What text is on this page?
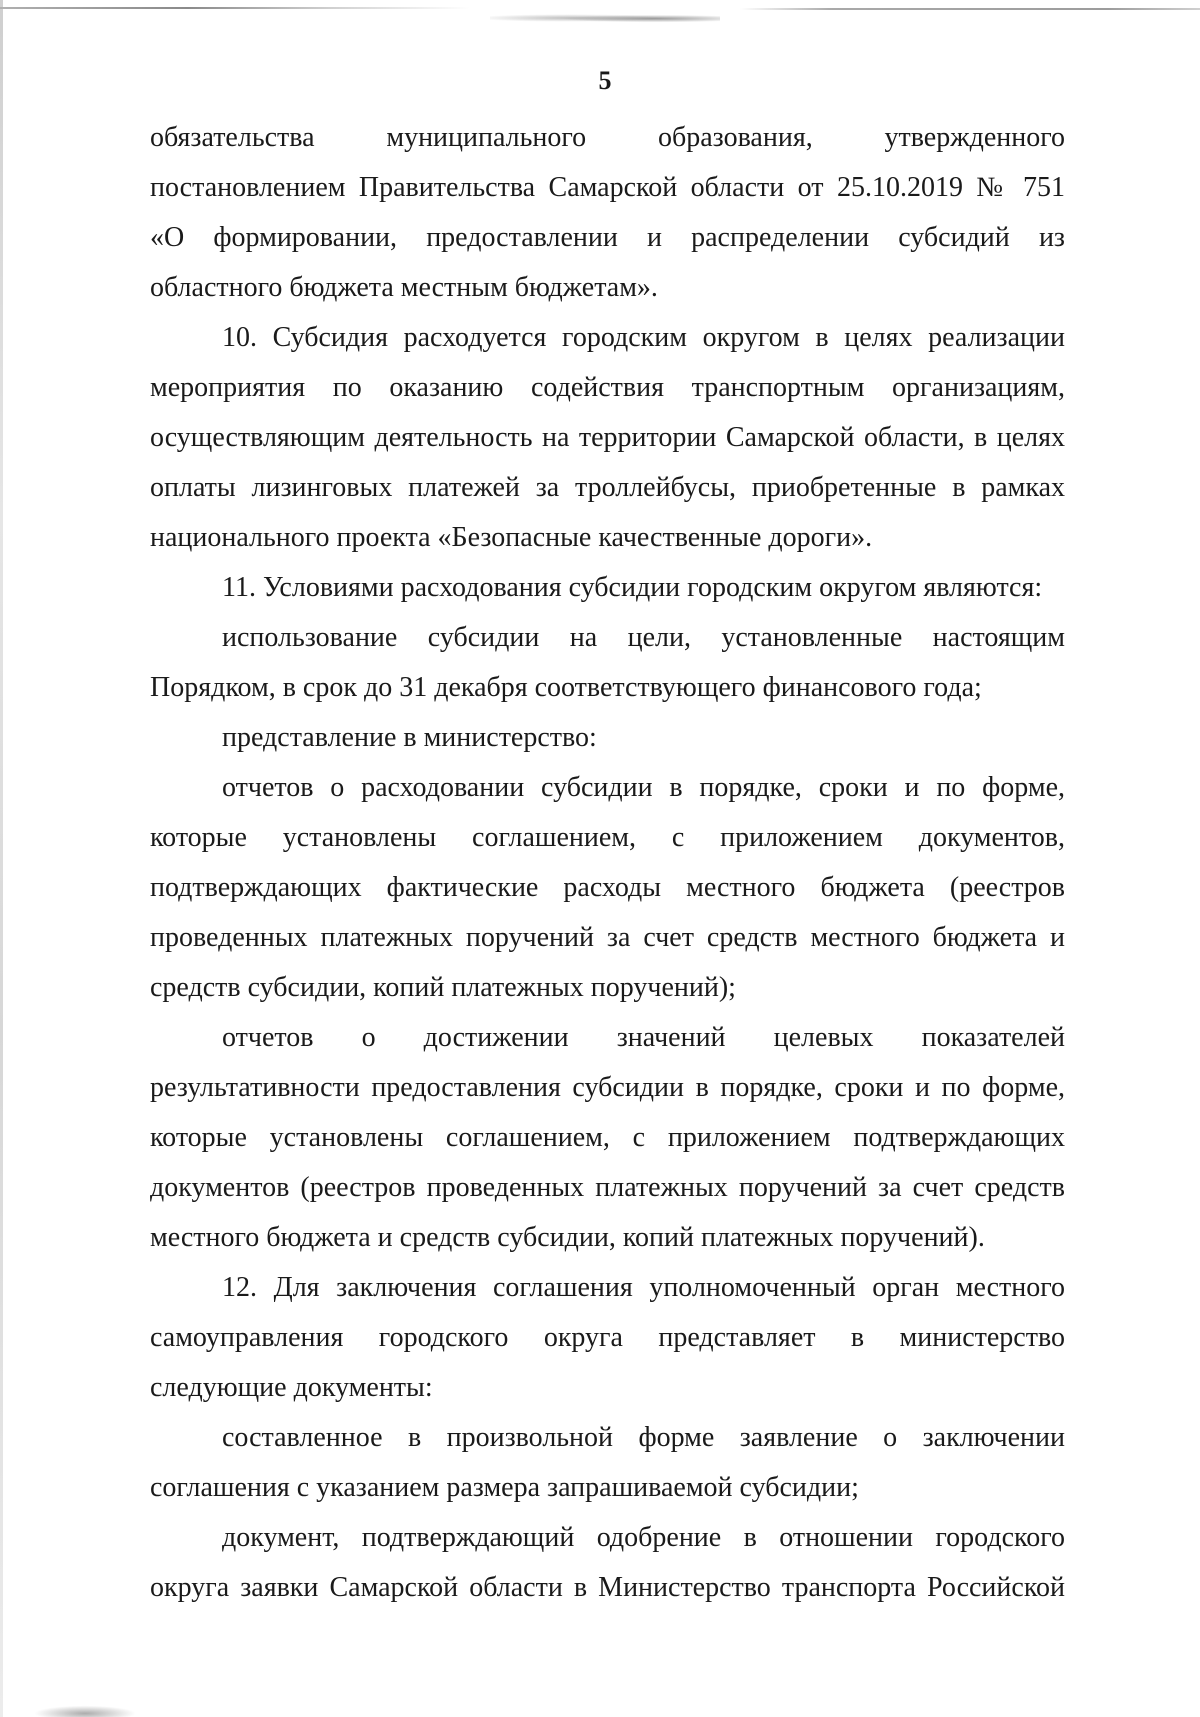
5

обязательства муниципального образования, утвержденного

постановлением Правительства Самарской области от 25.10.2019 № 751

«О формировании, предоставлении и распределении субсидий из

областного бюджета местным бюджетам».

10. Субсидия расходуется городским округом в целях реализации

мероприятия по оказанию содействия транспортным организациям,

осуществляющим деятельность на территории Самарской области, в целях

оплаты лизинговых платежей за троллейбусы, приобретенные в рамках

национального проекта «Безопасные качественные дороги».

11. Условиями расходования субсидии городским округом являются:

использование субсидии на цели, установленные настоящим

Порядком, в срок до 31 декабря соответствующего финансового года;

представление в министерство:

отчетов о расходовании субсидии в порядке, сроки и по форме,

которые установлены соглашением, с приложением документов,

подтверждающих фактические расходы местного бюджета (реестров

проведенных платежных поручений за счет средств местного бюджета и

средств субсидии, копий платежных поручений);

отчетов о достижении значений целевых показателей

результативности предоставления субсидии в порядке, сроки и по форме,

которые установлены соглашением, с приложением подтверждающих

документов (реестров проведенных платежных поручений за счет средств

местного бюджета и средств субсидии, копий платежных поручений).

12. Для заключения соглашения уполномоченный орган местного

самоуправления городского округа представляет в министерство

следующие документы:

составленное в произвольной форме заявление о заключении

соглашения с указанием размера запрашиваемой субсидии;

документ, подтверждающий одобрение в отношении городского

округа заявки Самарской области в Министерство транспорта Российской
